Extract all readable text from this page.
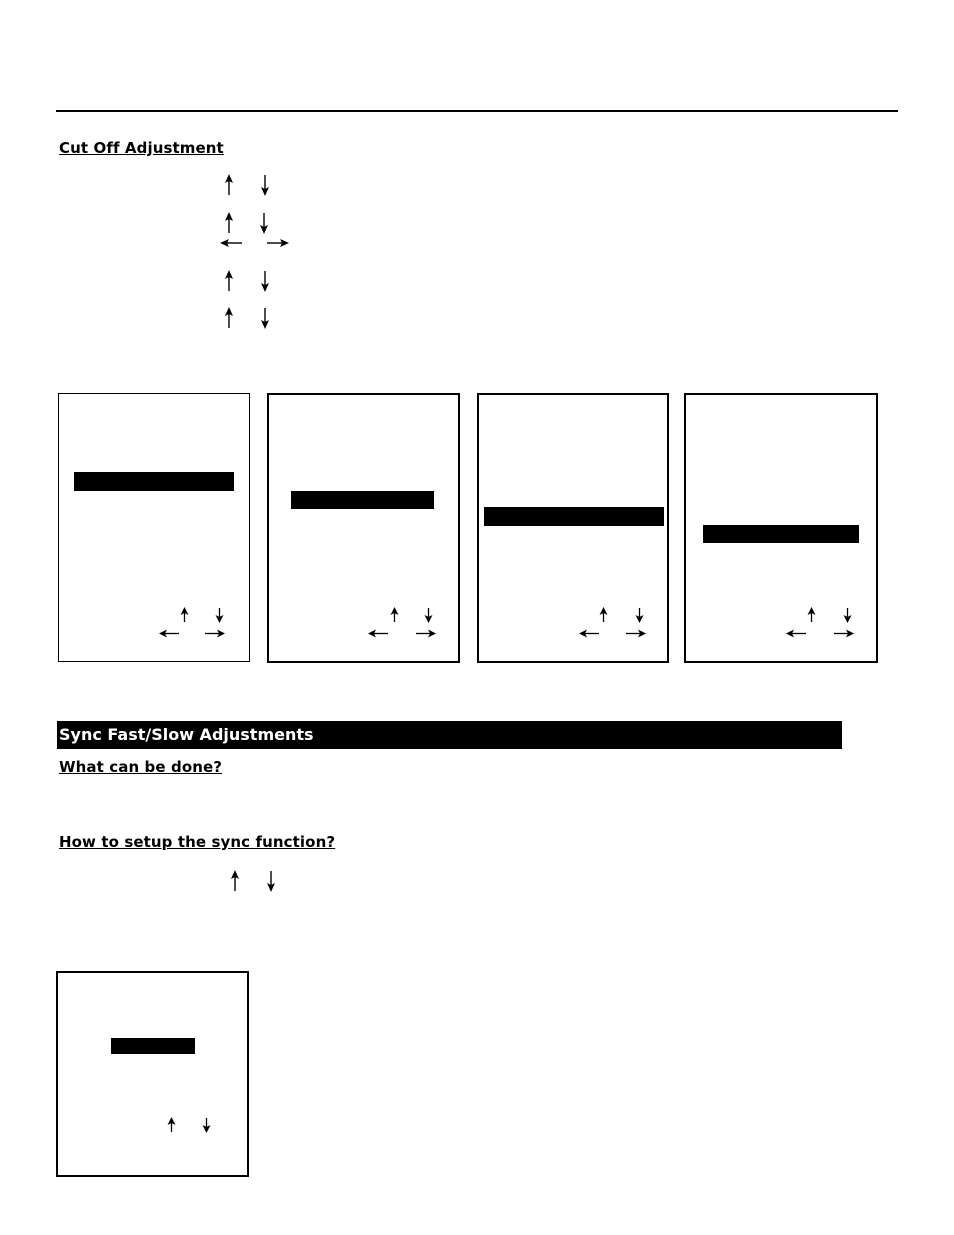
Cut Off Adjustment
Sync Fast/Slow Adjustments
What can be done?
How to setup the sync function?
